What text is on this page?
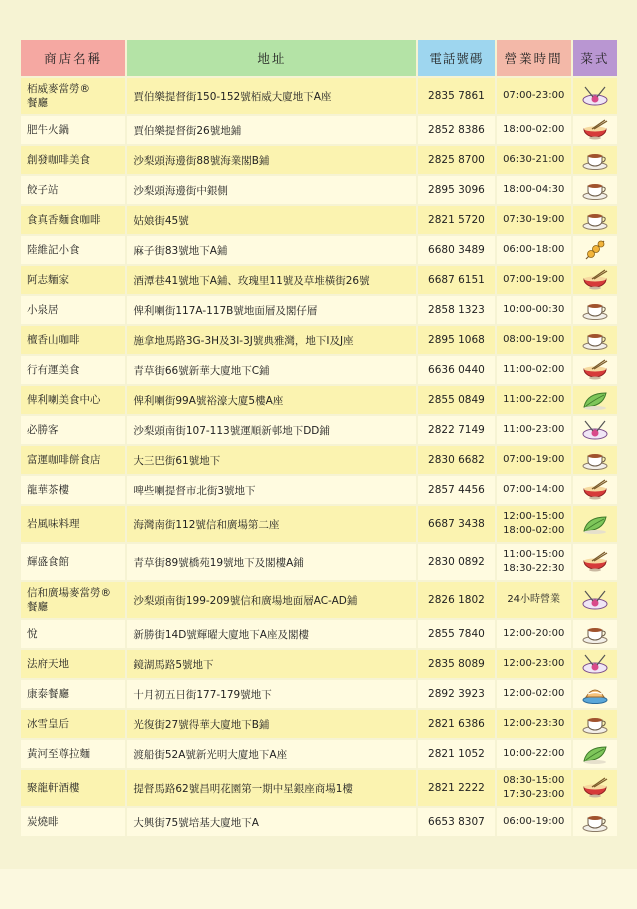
商店名稱	地址	電話號碼	營業時間	菜式
栢威麥當勞®
餐廳	賈伯樂提督街150-152號栢威大廈地下A座	2835 7861	07:00-23:00	

肥牛火鍋	賈伯樂提督街26號地鋪	2852 8386	18:00-02:00	

創發咖啡美食	沙梨頭海邊街88號海業閣B鋪	2825 8700	06:30-21:00	

餃子站	沙梨頭海邊街中銀側	2895 3096	18:00-04:30	

食真香麵食咖啡	姑娘街45號	2821 5720	07:30-19:00	

陸維記小食	麻子街83號地下A鋪	6680 3489	06:00-18:00	

阿志麵家	酒潭巷41號地下A鋪、玫瑰里11號及草堆橫街26號	6687 6151	07:00-19:00	

小泉居	俾利喇街117A-117B號地面層及閣仔層	2858 1323	10:00-00:30	

檀香山咖啡	施拿地馬路3G-3H及3I-3J號典雅灣，地下I及J座	2895 1068	08:00-19:00	

行有運美食	青草街66號新華大廈地下C鋪	6636 0440	11:00-02:00	

俾利喇美食中心	俾利喇街99A號裕濠大廈5樓A座	2855 0849	11:00-22:00	

必勝客	沙梨頭南街107-113號運順新邨地下DD鋪	2822 7149	11:00-23:00	

富運咖啡餅食店	大三巴街61號地下	2830 6682	07:00-19:00	

龍華茶樓	啤些喇提督市北街3號地下	2857 4456	07:00-14:00	

岩風味料理	海灣南街112號信和廣場第二座	6687 3438	12:00-15:00
18:00-02:00	

輝盛食館	青草街89號橋苑19號地下及閣樓A鋪	2830 0892	11:00-15:00
18:30-22:30	

信和廣場麥當勞®
餐廳	沙梨頭南街199-209號信和廣場地面層AC-AD鋪	2826 1802	24小時營業	

悅	新勝街14D號輝曜大廈地下A座及閣樓	2855 7840	12:00-20:00	

法府天地	鏡湖馬路5號地下	2835 8089	12:00-23:00	

康泰餐廳	十月初五日街177-179號地下	2892 3923	12:00-02:00	

冰雪皇后	光復街27號得華大廈地下B鋪	2821 6386	12:00-23:30	

黃河至尊拉麵	渡船街52A號新光明大廈地下A座	2821 1052	10:00-22:00	

聚龍軒酒樓	提督馬路62號昌明花園第一期中星銀座商場1樓	2821 2222	08:30-15:00
17:30-23:00	

炭燒啡	大興街75號培基大廈地下A	6653 8307	06:00-19:00	
